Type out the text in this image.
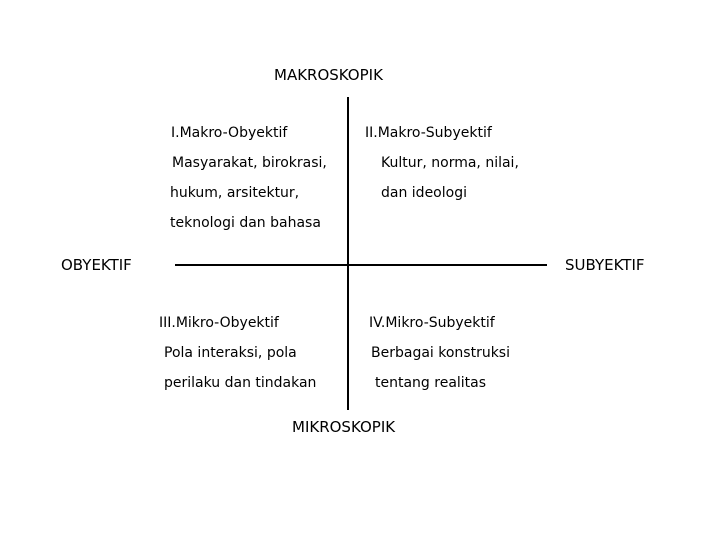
MAKROSKOPIK
MIKROSKOPIK
OBYEKTIF	SUBYEKTIF
I.Makro-Obyektif
Masyarakat, birokrasi,
hukum, arsitektur,
teknologi dan bahasa
II.Makro-Subyektif
Kultur, norma, nilai,
dan ideologi
III.Mikro-Obyektif
Pola interaksi, pola
perilaku dan tindakan
IV.Mikro-Subyektif
Berbagai konstruksi
tentang realitas
